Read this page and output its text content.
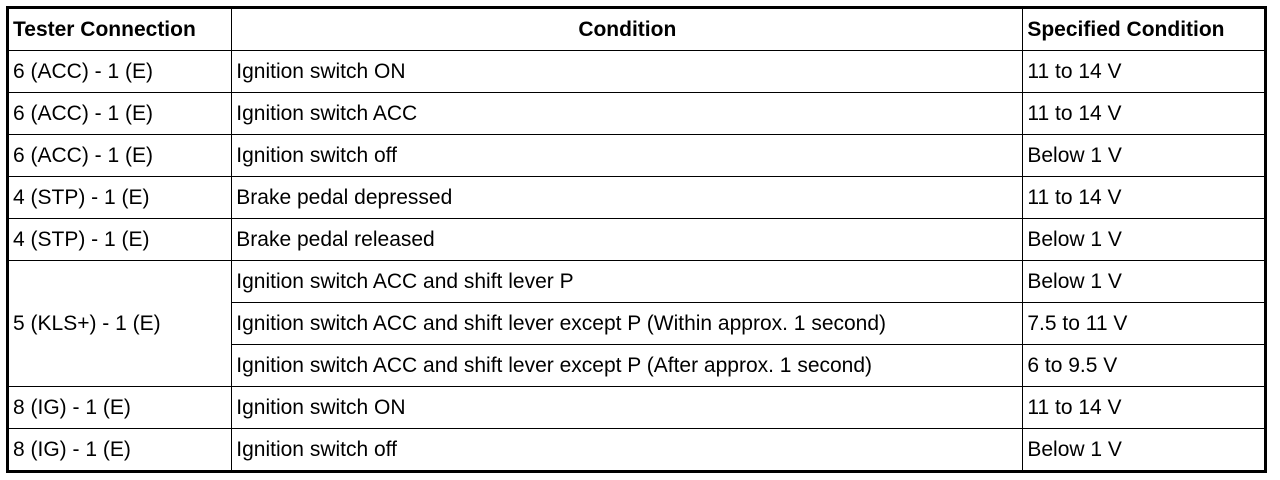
Tester Connection	Condition	Specified Condition
6 (ACC) - 1 (E)	Ignition switch ON	11 to 14 V
6 (ACC) - 1 (E)	Ignition switch ACC	11 to 14 V
6 (ACC) - 1 (E)	Ignition switch off	Below 1 V
4 (STP) - 1 (E)	Brake pedal depressed	11 to 14 V
4 (STP) - 1 (E)	Brake pedal released	Below 1 V
5 (KLS+) - 1 (E)	Ignition switch ACC and shift lever P	Below 1 V
	Ignition switch ACC and shift lever except P (Within approx. 1 second)	7.5 to 11 V
	Ignition switch ACC and shift lever except P (After approx. 1 second)	6 to 9.5 V
8 (IG) - 1 (E)	Ignition switch ON	11 to 14 V
8 (IG) - 1 (E)	Ignition switch off	Below 1 V
